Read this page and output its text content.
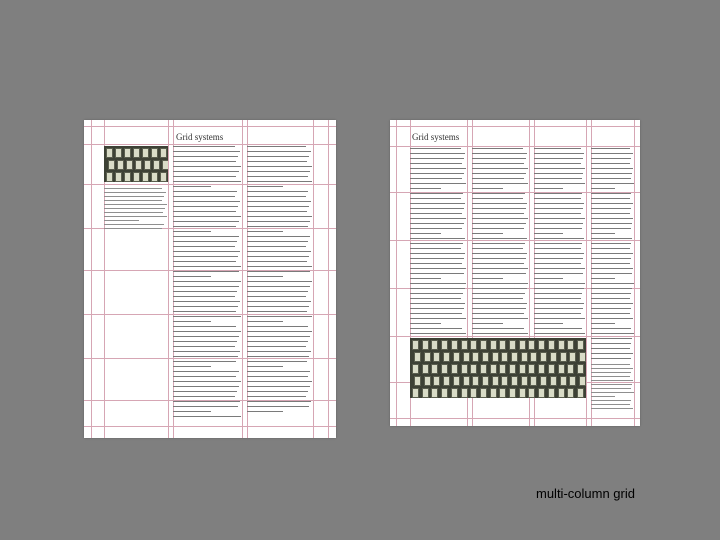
Grid systems	Grid systems
multi-column grid
